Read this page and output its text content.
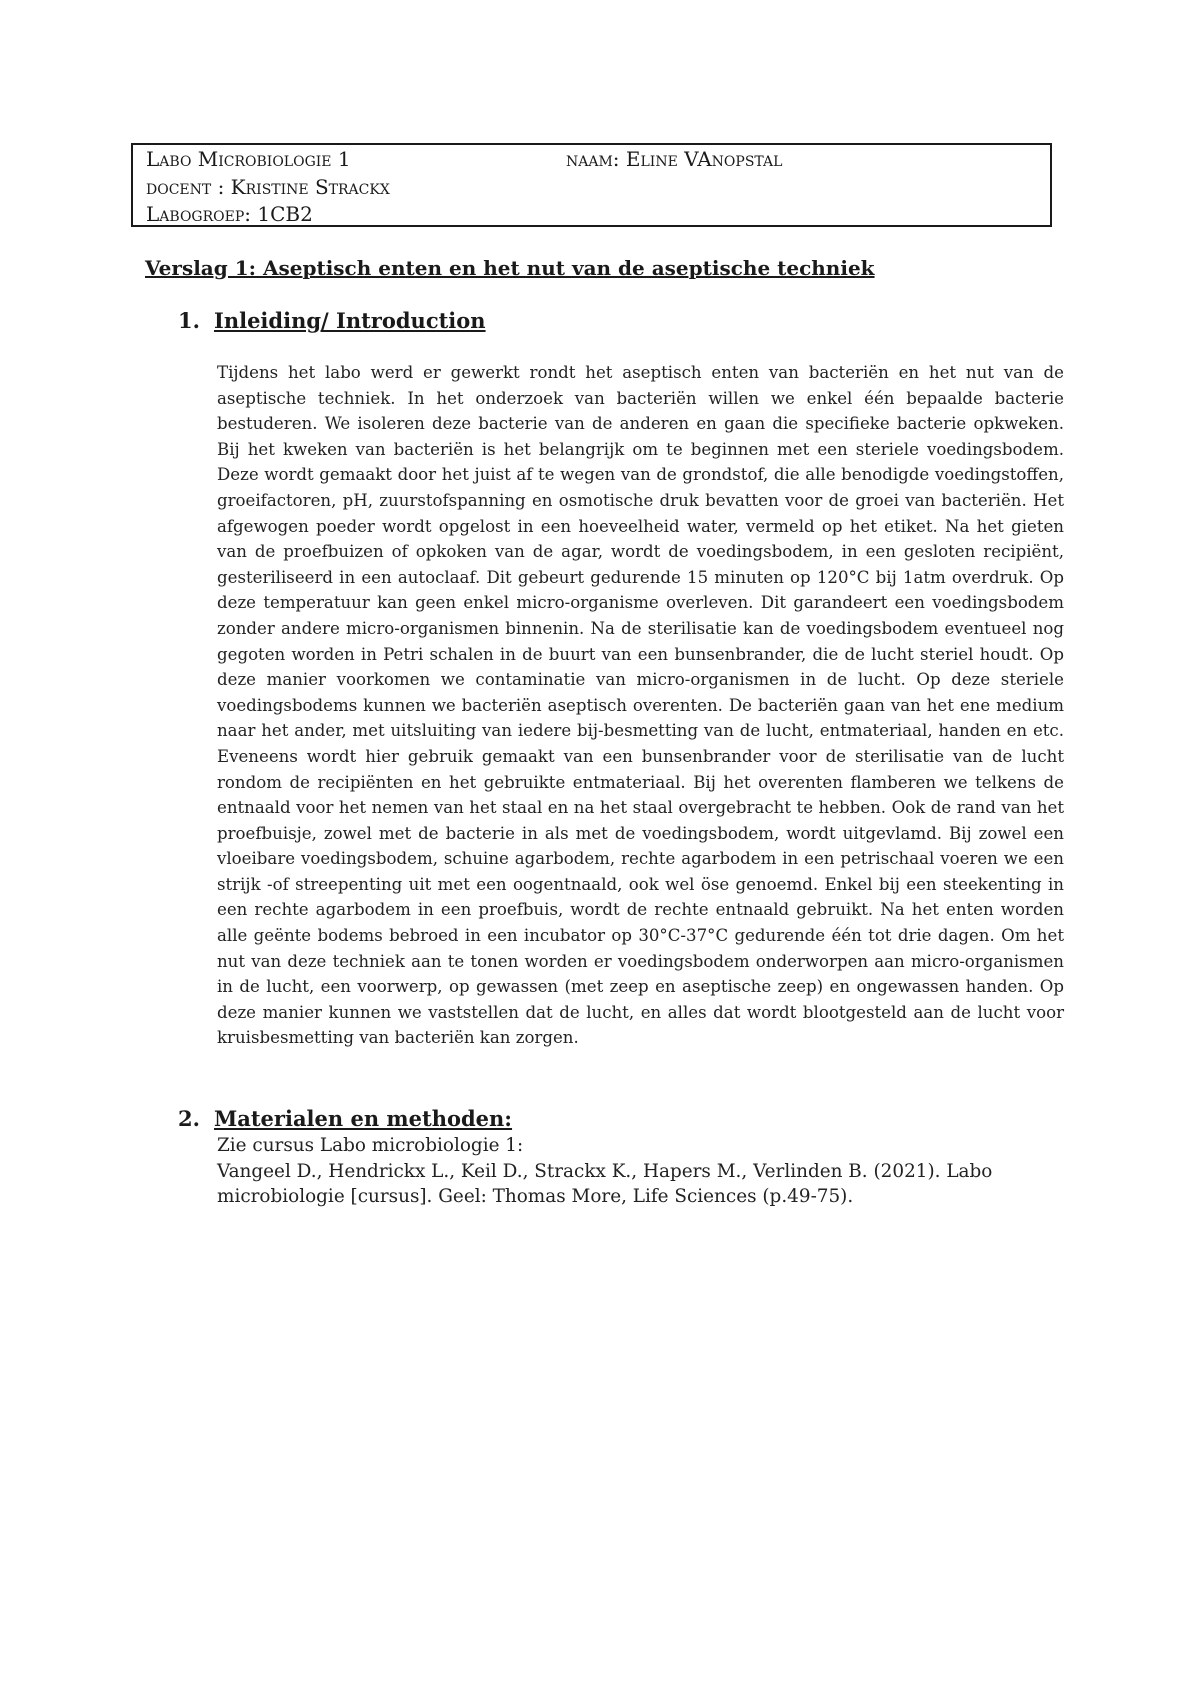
Labo Microbiologie 1	naam: Eline VAnopstal
docent : Kristine Strackx
Labogroep: 1CB2
Verslag 1: Aseptisch enten en het nut van de aseptische techniek
1. Inleiding/ Introduction
Tijdens het labo werd er gewerkt rondt het aseptisch enten van bacteriën en het nut van de aseptische techniek. In het onderzoek van bacteriën willen we enkel één bepaalde bacterie bestuderen. We isoleren deze bacterie van de anderen en gaan die specifieke bacterie opkweken. Bij het kweken van bacteriën is het belangrijk om te beginnen met een steriele voedingsbodem. Deze wordt gemaakt door het juist af te wegen van de grondstof, die alle benodigde voedingstoffen, groeifactoren, pH, zuurstofspanning en osmotische druk bevatten voor de groei van bacteriën. Het afgewogen poeder wordt opgelost in een hoeveelheid water, vermeld op het etiket. Na het gieten van de proefbuizen of opkoken van de agar, wordt de voedingsbodem, in een gesloten recipiënt, gesteriliseerd in een autoclaaf. Dit gebeurt gedurende 15 minuten op 120°C bij 1atm overdruk. Op deze temperatuur kan geen enkel micro-organisme overleven. Dit garandeert een voedingsbodem zonder andere micro-organismen binnenin. Na de sterilisatie kan de voedingsbodem eventueel nog gegoten worden in Petri schalen in de buurt van een bunsenbrander, die de lucht steriel houdt. Op deze manier voorkomen we contaminatie van micro-organismen in de lucht. Op deze steriele voedingsbodems kunnen we bacteriën aseptisch overenten. De bacteriën gaan van het ene medium naar het ander, met uitsluiting van iedere bij-besmetting van de lucht, entmateriaal, handen en etc. Eveneens wordt hier gebruik gemaakt van een bunsenbrander voor de sterilisatie van de lucht rondom de recipiënten en het gebruikte entmateriaal. Bij het overenten flamberen we telkens de entnaald voor het nemen van het staal en na het staal overgebracht te hebben. Ook de rand van het proefbuisje, zowel met de bacterie in als met de voedingsbodem, wordt uitgevlamd. Bij zowel een vloeibare voedingsbodem, schuine agarbodem, rechte agarbodem in een petrischaal voeren we een strijk -of streepenting uit met een oogentnaald, ook wel öse genoemd. Enkel bij een steekenting in een rechte agarbodem in een proefbuis, wordt de rechte entnaald gebruikt. Na het enten worden alle geënte bodems bebroed in een incubator op 30°C-37°C gedurende één tot drie dagen. Om het nut van deze techniek aan te tonen worden er voedingsbodem onderworpen aan micro-organismen in de lucht, een voorwerp, op gewassen (met zeep en aseptische zeep) en ongewassen handen. Op deze manier kunnen we vaststellen dat de lucht, en alles dat wordt blootgesteld aan de lucht voor kruisbesmetting van bacteriën kan zorgen.
2. Materialen en methoden:
Zie cursus Labo microbiologie 1:
Vangeel D., Hendrickx L., Keil D., Strackx K., Hapers M., Verlinden B. (2021). Labo microbiologie [cursus]. Geel: Thomas More, Life Sciences (p.49-75).
